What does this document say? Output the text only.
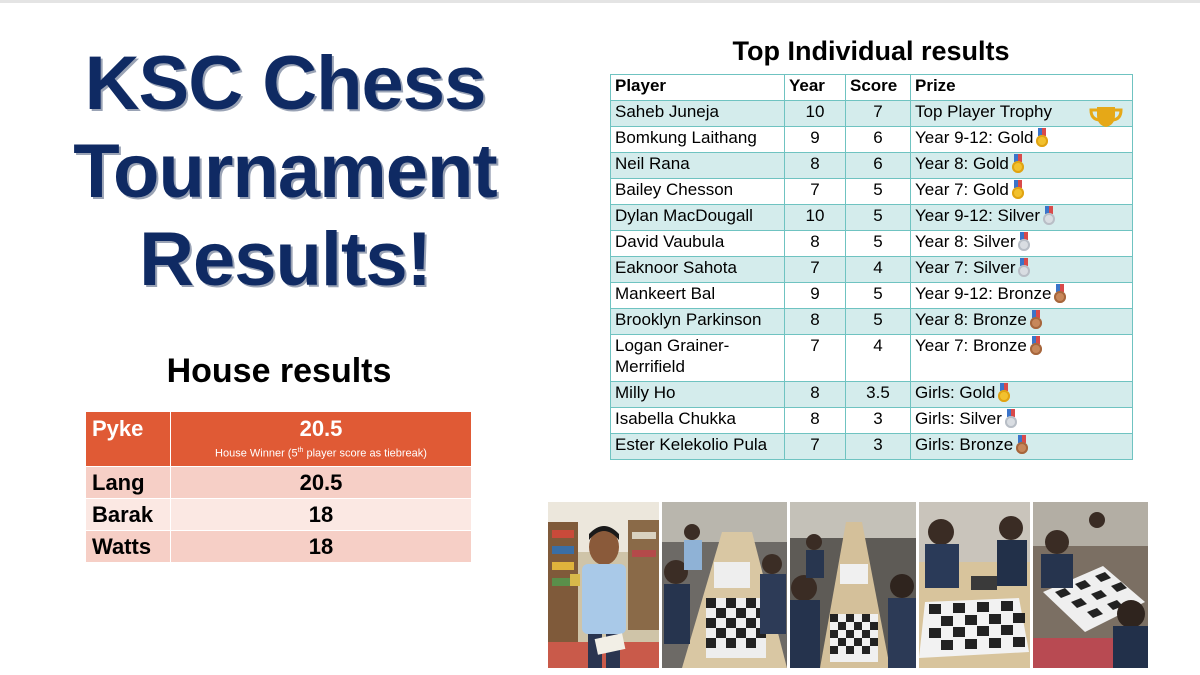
KSC Chess
Tournament
Results!
House results
Pyke	20.5
House Winner (5th player score as tiebreak)

Lang	20.5
Barak	18
Watts	18
Top Individual results
Player	Year	Score	Prize
Saheb Juneja	10	7	Top Player Trophy

Bomkung Laithang	9	6	Year 9-12: Gold

Neil Rana	8	6	Year 8: Gold

Bailey Chesson	7	5	Year 7: Gold

Dylan MacDougall	10	5	Year 9-12: Silver

David Vaubula	8	5	Year 8: Silver

Eaknoor Sahota	7	4	Year 7: Silver

Mankeert Bal	9	5	Year 9-12: Bronze

Brooklyn Parkinson	8	5	Year 8: Bronze

Logan Grainer-Merrifield	7	4	Year 7: Bronze

Milly Ho	8	3.5	Girls: Gold

Isabella Chukka	8	3	Girls: Silver

Ester Kelekolio Pula	7	3	Girls: Bronze
